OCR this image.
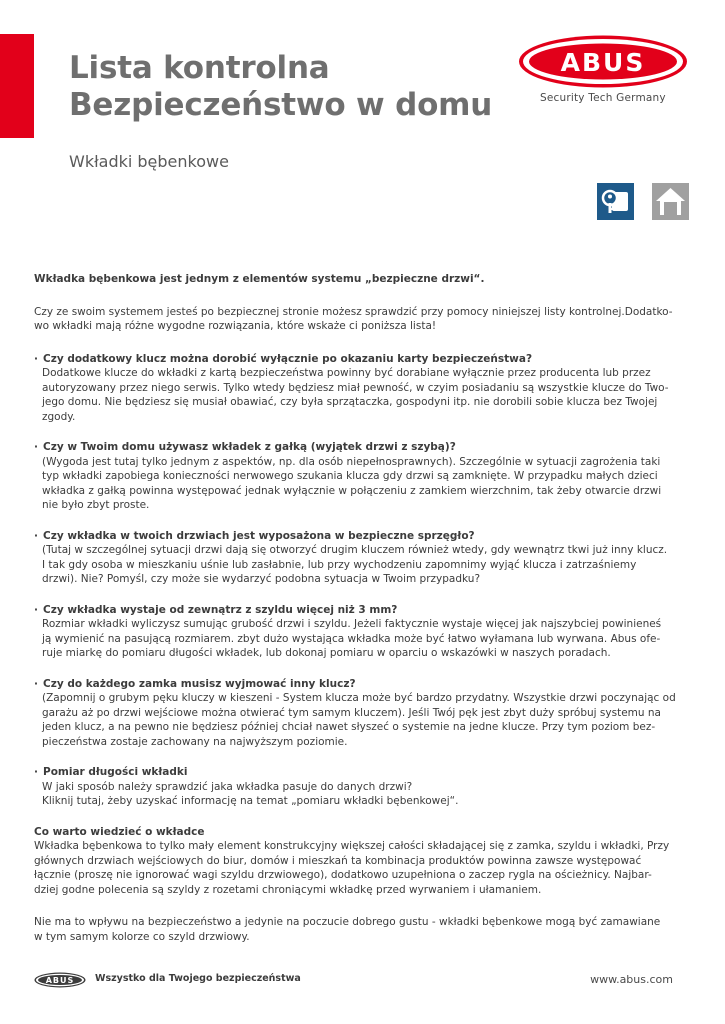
Lista kontrolna
Bezpieczeństwo w domu
Wkładki bębenkowe
ABUS
Security Tech Germany

Wkładka bębenkowa jest jednym z elementów systemu „bezpieczne drzwi“.

Czy ze swoim systemem jesteś po bezpiecznej stronie możesz sprawdzić przy pomocy niniejszej listy kontrolnej.Dodatko-
wo wkładki mają różne wygodne rozwiązania, które wskaże ci poniższa lista!

· Czy dodatkowy klucz można dorobić wyłącznie po okazaniu karty bezpieczeństwa?
Dodatkowe klucze do wkładki z kartą bezpieczeństwa powinny być dorabiane wyłącznie przez producenta lub przez
autoryzowany przez niego serwis. Tylko wtedy będziesz miał pewność, w czyim posiadaniu są wszystkie klucze do Two-
jego domu. Nie będziesz się musiał obawiać, czy była sprzątaczka, gospodyni itp. nie dorobili sobie klucza bez Twojej
zgody.
· Czy w Twoim domu używasz wkładek z gałką (wyjątek drzwi z szybą)?
(Wygoda jest tutaj tylko jednym z aspektów, np. dla osób niepełnosprawnych). Szczególnie w sytuacji zagrożenia taki
typ wkładki zapobiega konieczności nerwowego szukania klucza gdy drzwi są zamknięte. W przypadku małych dzieci
wkładka z gałką powinna występować jednak wyłącznie w połączeniu z zamkiem wierzchnim, tak żeby otwarcie drzwi
nie było zbyt proste.
· Czy wkładka w twoich drzwiach jest wyposażona w bezpieczne sprzęgło?
(Tutaj w szczególnej sytuacji drzwi dają się otworzyć drugim kluczem również wtedy, gdy wewnątrz tkwi już inny klucz.
I tak gdy osoba w mieszkaniu uśnie lub zasłabnie, lub przy wychodzeniu zapomnimy wyjąć klucza i zatrzaśniemy
drzwi). Nie? Pomyśl, czy może sie wydarzyć podobna sytuacja w Twoim przypadku?
· Czy wkładka wystaje od zewnątrz z szyldu więcej niż 3 mm?
Rozmiar wkładki wyliczysz sumując grubość drzwi i szyldu. Jeżeli faktycznie wystaje więcej jak najszybciej powinieneś
ją wymienić na pasującą rozmiarem. zbyt dużo wystająca wkładka może być łatwo wyłamana lub wyrwana. Abus ofe-
ruje miarkę do pomiaru długości wkładek, lub dokonaj pomiaru w oparciu o wskazówki w naszych poradach.
· Czy do każdego zamka musisz wyjmować inny klucz?
(Zapomnij o grubym pęku kluczy w kieszeni - System klucza może być bardzo przydatny. Wszystkie drzwi poczynając od
garażu aż po drzwi wejściowe można otwierać tym samym kluczem). Jeśli Twój pęk jest zbyt duży spróbuj systemu na
jeden klucz, a na pewno nie będziesz później chciał nawet słyszeć o systemie na jedne klucze. Przy tym poziom bez-
pieczeństwa zostaje zachowany na najwyższym poziomie.
· Pomiar długości wkładki
W jaki sposób należy sprawdzić jaka wkładka pasuje do danych drzwi?
Kliknij tutaj, żeby uzyskać informację na temat „pomiaru wkładki bębenkowej“.

Co warto wiedzieć o wkładce

Wkładka bębenkowa to tylko mały element konstrukcyjny większej całości składającej się z zamka, szyldu i wkładki, Przy
głównych drzwiach wejściowych do biur, domów i mieszkań ta kombinacja produktów powinna zawsze występować
łącznie (proszę nie ignorować wagi szyldu drzwiowego), dodatkowo uzupełniona o zaczep rygla na ościeżnicy. Najbar-
dziej godne polecenia są szyldy z rozetami chroniącymi wkładkę przed wyrwaniem i ułamaniem.

Nie ma to wpływu na bezpieczeństwo a jedynie na poczucie dobrego gustu - wkładki bębenkowe mogą być zamawiane
w tym samym kolorze co szyld drzwiowy.

ABUS Wszystko dla Twojego bezpieczeństwa	www.abus.com
